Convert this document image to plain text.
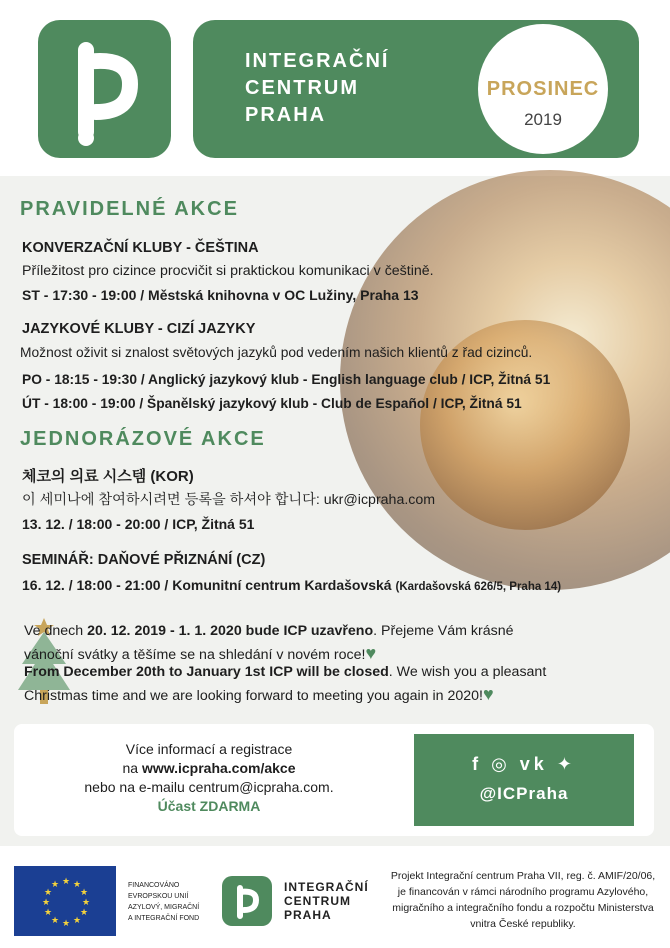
INTEGRAČNÍ
CENTRUM
PRAHA
PROSINEC
2019
PRAVIDELNÉ AKCE
KONVERZAČNÍ KLUBY - ČEŠTINA
Příležitost pro cizince procvičit si praktickou komunikaci v češtině.
ST - 17:30 - 19:00 / Městská knihovna v OC Lužiny, Praha 13
JAZYKOVÉ KLUBY - CIZÍ JAZYKY
Možnost oživit si znalost světových jazyků pod vedením našich klientů z řad cizinců.
PO - 18:15 - 19:30 / Anglický jazykový klub - English language club / ICP, Žitná 51
ÚT - 18:00 - 19:00 / Španělský jazykový klub - Club de Español / ICP, Žitná 51
JEDNORÁZOVÉ AKCE
체코의 의료 시스템 (KOR)
이 세미나에 참여하시려면 등록을 하셔야 합니다: ukr@icpraha.com
13. 12. / 18:00 - 20:00 / ICP, Žitná 51
SEMINÁŘ: DAŇOVÉ PŘIZNÁNÍ (CZ)
16. 12. / 18:00 - 21:00 / Komunitní centrum Kardašovská (Kardašovská 626/5, Praha 14)
Ve dnech 20. 12. 2019 - 1. 1. 2020 bude ICP uzavřeno. Přejeme Vám krásné
vánoční svátky a těšíme se na shledání v novém roce!♥
From December 20th to January 1st ICP will be closed. We wish you a pleasant
Christmas time and we are looking forward to meeting you again in 2020!♥
Více informací a registrace
na www.icpraha.com/akce
nebo na e-mailu centrum@icpraha.com.
Účast ZDARMA
f ◎ vk ✦
@ICPraha
★ ★
★
★
★
★
★
★
★
★
★
★	FINANCOVÁNO
EVROPSKOU UNIÍ
AZYLOVÝ, MIGRAČNÍ
A INTEGRAČNÍ FOND
INTEGRAČNÍ
CENTRUM
PRAHA
Projekt Integrační centrum Praha VII, reg. č. AMIF/20/06,
je financován v rámci národního programu Azylového,
migračního a integračního fondu a rozpočtu Ministerstva
vnitra České republiky.
